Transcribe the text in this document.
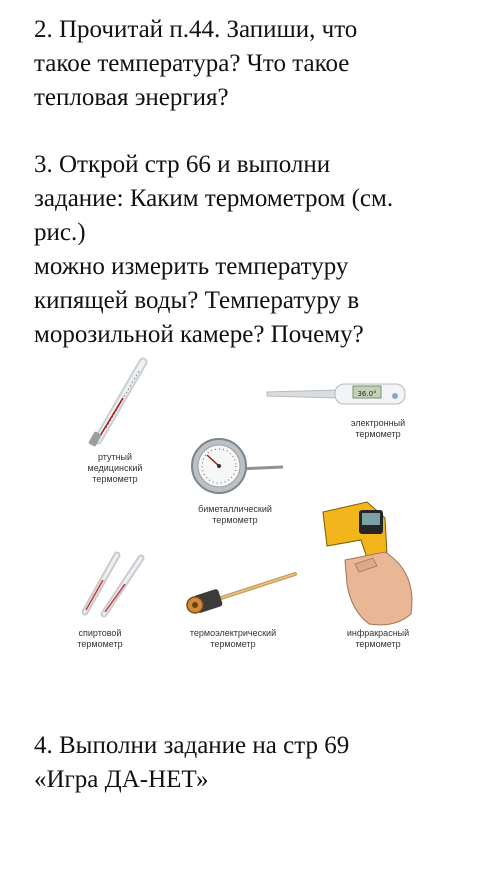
2. Прочитай п.44. Запиши, что
такое температура? Что такое
тепловая энергия?
3. Открой стр 66 и выполни
задание: Каким термометром (см.
рис.)
можно измерить температуру
кипящей воды? Температуру в
морозильной камере? Почему?
36.0°
ртутный
медицинский
термометр
электронный
термометр
биметаллический
термометр
спиртовой
термометр
термоэлектрический
термометр
инфракрасный
термометр
4. Выполни задание на стр 69
«Игра ДА-НЕТ»
